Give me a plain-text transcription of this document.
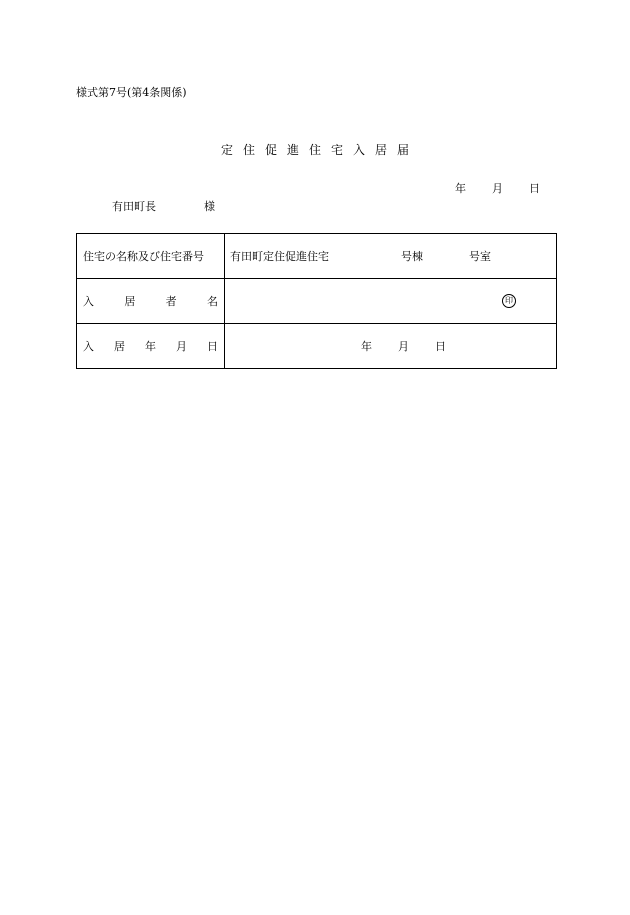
様式第7号(第4条関係)
定住促進住宅入居届
年 月 日
有田町長	様
住宅の名称及び住宅番号	有田町定住促進住宅 号棟 号室

入 居 者 名	印

入 居 年 月 日	年 月 日
